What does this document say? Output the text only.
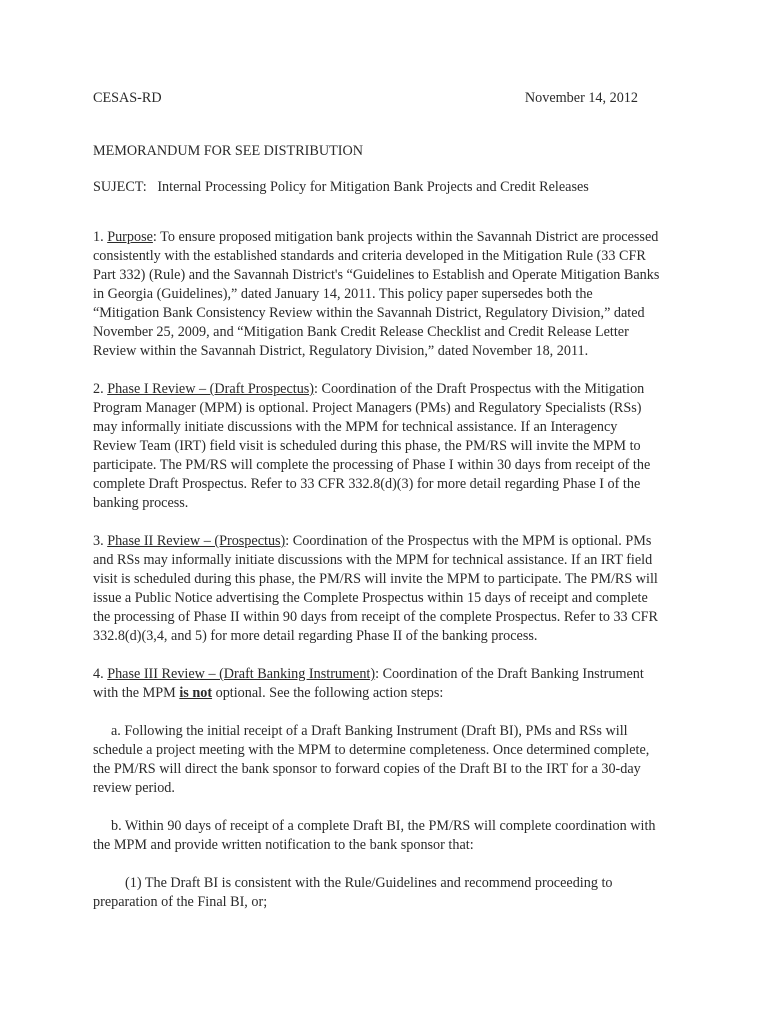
CESAS-RD	November 14, 2012
MEMORANDUM FOR SEE DISTRIBUTION
SUJECT: Internal Processing Policy for Mitigation Bank Projects and Credit Releases

1. Purpose: To ensure proposed mitigation bank projects within the Savannah District are processed consistently with the established standards and criteria developed in the Mitigation Rule (33 CFR Part 332) (Rule) and the Savannah District's “Guidelines to Establish and Operate Mitigation Banks in Georgia (Guidelines),” dated January 14, 2011. This policy paper supersedes both the “Mitigation Bank Consistency Review within the Savannah District, Regulatory Division,” dated November 25, 2009, and “Mitigation Bank Credit Release Checklist and Credit Release Letter Review within the Savannah District, Regulatory Division,” dated November 18, 2011.

2. Phase I Review – (Draft Prospectus): Coordination of the Draft Prospectus with the Mitigation Program Manager (MPM) is optional. Project Managers (PMs) and Regulatory Specialists (RSs) may informally initiate discussions with the MPM for technical assistance. If an Interagency Review Team (IRT) field visit is scheduled during this phase, the PM/RS will invite the MPM to participate. The PM/RS will complete the processing of Phase I within 30 days from receipt of the complete Draft Prospectus. Refer to 33 CFR 332.8(d)(3) for more detail regarding Phase I of the banking process.

3. Phase II Review – (Prospectus): Coordination of the Prospectus with the MPM is optional. PMs and RSs may informally initiate discussions with the MPM for technical assistance. If an IRT field visit is scheduled during this phase, the PM/RS will invite the MPM to participate. The PM/RS will issue a Public Notice advertising the Complete Prospectus within 15 days of receipt and complete the processing of Phase II within 90 days from receipt of the complete Prospectus. Refer to 33 CFR 332.8(d)(3,4, and 5) for more detail regarding Phase II of the banking process.

4. Phase III Review – (Draft Banking Instrument): Coordination of the Draft Banking Instrument with the MPM is not optional. See the following action steps:

a. Following the initial receipt of a Draft Banking Instrument (Draft BI), PMs and RSs will schedule a project meeting with the MPM to determine completeness. Once determined complete, the PM/RS will direct the bank sponsor to forward copies of the Draft BI to the IRT for a 30-day review period.

b. Within 90 days of receipt of a complete Draft BI, the PM/RS will complete coordination with the MPM and provide written notification to the bank sponsor that:

(1) The Draft BI is consistent with the Rule/Guidelines and recommend proceeding to preparation of the Final BI, or;
